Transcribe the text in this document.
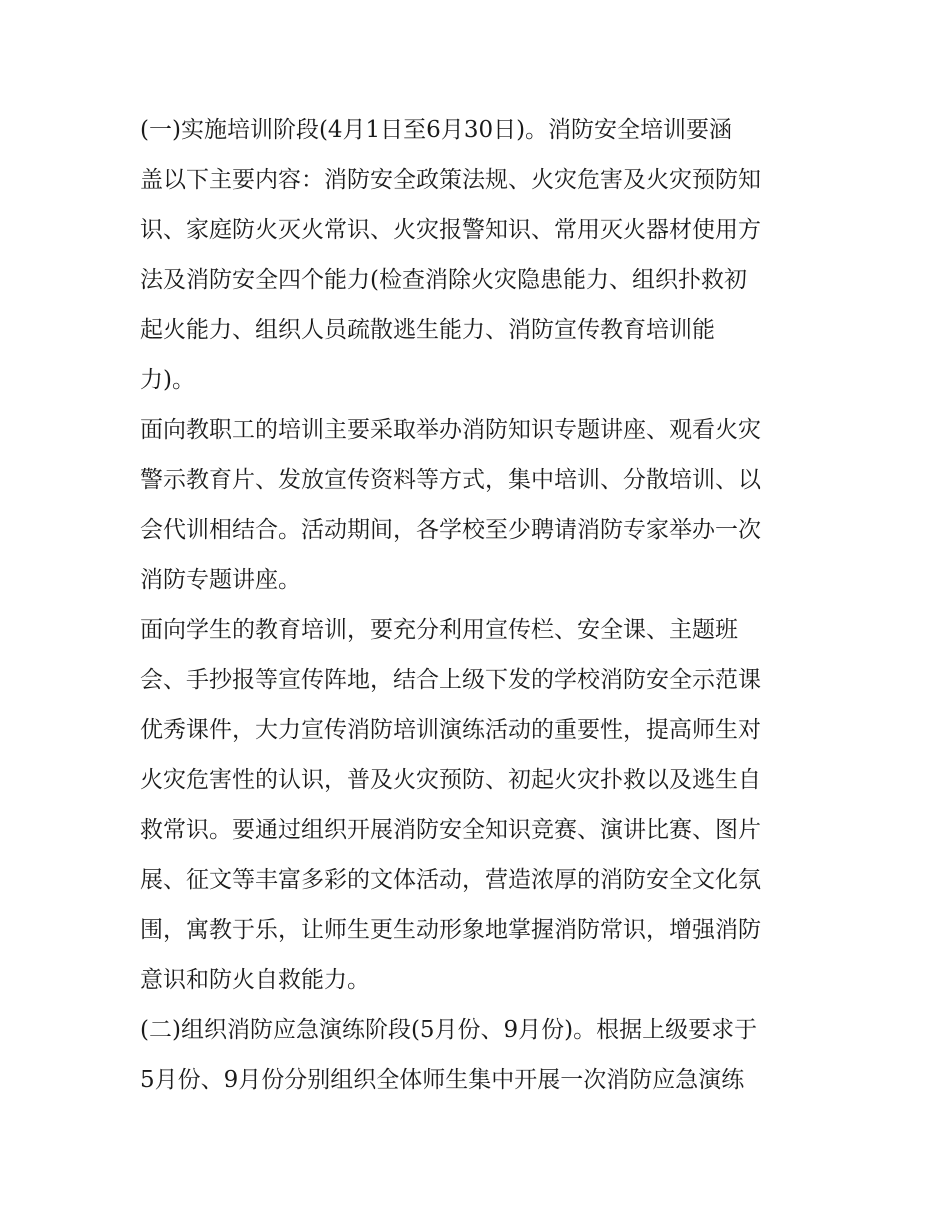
(一)实施培训阶段(4月1日至6月30日)。消防安全培训要涵
盖以下主要内容：消防安全政策法规、火灾危害及火灾预防知
识、家庭防火灭火常识、火灾报警知识、常用灭火器材使用方
法及消防安全四个能力(检查消除火灾隐患能力、组织扑救初
起火能力、组织人员疏散逃生能力、消防宣传教育培训能
力)。
面向教职工的培训主要采取举办消防知识专题讲座、观看火灾
警示教育片、发放宣传资料等方式，集中培训、分散培训、以
会代训相结合。活动期间，各学校至少聘请消防专家举办一次
消防专题讲座。
面向学生的教育培训，要充分利用宣传栏、安全课、主题班
会、手抄报等宣传阵地，结合上级下发的学校消防安全示范课
优秀课件，大力宣传消防培训演练活动的重要性，提高师生对
火灾危害性的认识，普及火灾预防、初起火灾扑救以及逃生自
救常识。要通过组织开展消防安全知识竞赛、演讲比赛、图片
展、征文等丰富多彩的文体活动，营造浓厚的消防安全文化氛
围，寓教于乐，让师生更生动形象地掌握消防常识，增强消防
意识和防火自救能力。
(二)组织消防应急演练阶段(5月份、9月份)。根据上级要求于
5月份、9月份分别组织全体师生集中开展一次消防应急演练
